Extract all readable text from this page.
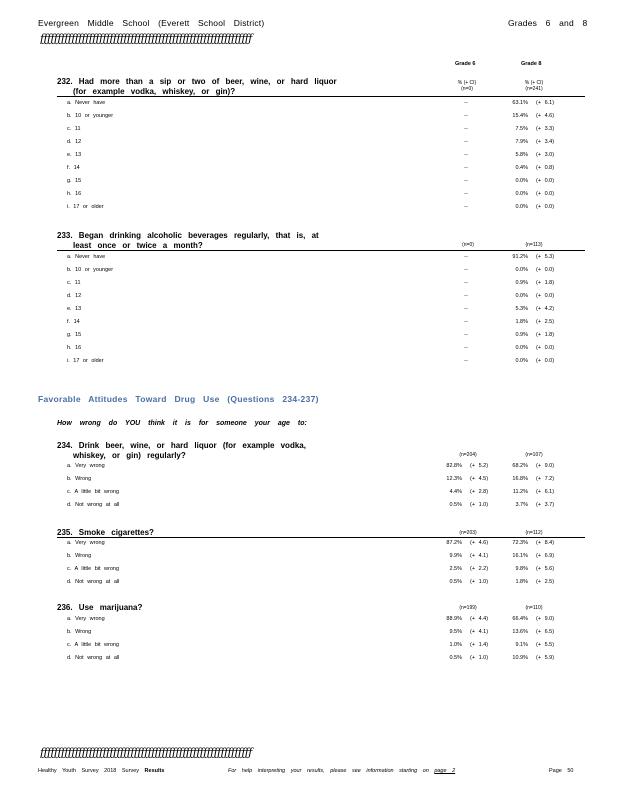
Evergreen Middle School (Everett School District)	Grades 6 and 8
ƒƒƒƒƒƒƒƒƒƒƒƒƒƒƒƒƒƒƒƒƒƒƒƒƒƒƒƒƒƒƒƒƒƒƒƒƒƒƒƒƒƒƒƒƒƒƒƒƒƒƒƒƒƒƒƒƒƒƒƒƒ
Grade 6	Grade 8
232. Had more than a sip or two of beer, wine, or hard liquor
(for example vodka, whiskey, or gin)?
% (+ CI)
(n=0)
% (+ CI)
(n=241)
a. Never have	--	63.1% (+ 6.1)
b. 10 or younger	--	15.4% (+ 4.6)
c. 11	--	7.5% (+ 3.3)
d. 12	--	7.9% (+ 3.4)
e. 13	--	5.8% (+ 3.0)
f. 14	--	0.4% (+ 0.8)
g. 15	--	0.0% (+ 0.0)
h. 16	--	0.0% (+ 0.0)
i. 17 or older	--	0.0% (+ 0.0)
233. Began drinking alcoholic beverages regularly, that is, at
least once or twice a month?	(n=0)	(n=113)
a. Never have	--	91.2% (+ 5.3)
b. 10 or younger	--	0.0% (+ 0.0)
c. 11	--	0.9% (+ 1.8)
d. 12	--	0.0% (+ 0.0)
e. 13	--	5.3% (+ 4.2)
f. 14	--	1.8% (+ 2.5)
g. 15	--	0.9% (+ 1.8)
h. 16	--	0.0% (+ 0.0)
i. 17 or older	--	0.0% (+ 0.0)
Favorable Attitudes Toward Drug Use (Questions 234-237)
How wrong do YOU think it is for someone your age to:
234. Drink beer, wine, or hard liquor (for example vodka,
whiskey, or gin) regularly?	(n=204)	(n=107)
a. Very wrong	82.8% (+ 5.2)	68.2% (+ 9.0)
b. Wrong	12.3% (+ 4.5)	16.8% (+ 7.2)
c. A little bit wrong	4.4% (+ 2.8)	11.2% (+ 6.1)
d. Not wrong at all	0.5% (+ 1.0)	3.7% (+ 3.7)
235. Smoke cigarettes?	(n=203)	(n=112)
a. Very wrong	87.2% (+ 4.6)	72.3% (+ 8.4)
b. Wrong	9.9% (+ 4.1)	16.1% (+ 6.9)
c. A little bit wrong	2.5% (+ 2.2)	9.8% (+ 5.6)
d. Not wrong at all	0.5% (+ 1.0)	1.8% (+ 2.5)
236. Use marijuana?	(n=199)	(n=110)
a. Very wrong	88.9% (+ 4.4)	66.4% (+ 9.0)
b. Wrong	9.5% (+ 4.1)	13.6% (+ 6.5)
c. A little bit wrong	1.0% (+ 1.4)	9.1% (+ 5.5)
d. Not wrong at all	0.5% (+ 1.0)	10.9% (+ 5.9)
ƒƒƒƒƒƒƒƒƒƒƒƒƒƒƒƒƒƒƒƒƒƒƒƒƒƒƒƒƒƒƒƒƒƒƒƒƒƒƒƒƒƒƒƒƒƒƒƒƒƒƒƒƒƒƒƒƒƒƒƒƒ
Healthy Youth Survey 2018 Survey Results	For help interpreting your results, please see information starting on page 2	Page 50
